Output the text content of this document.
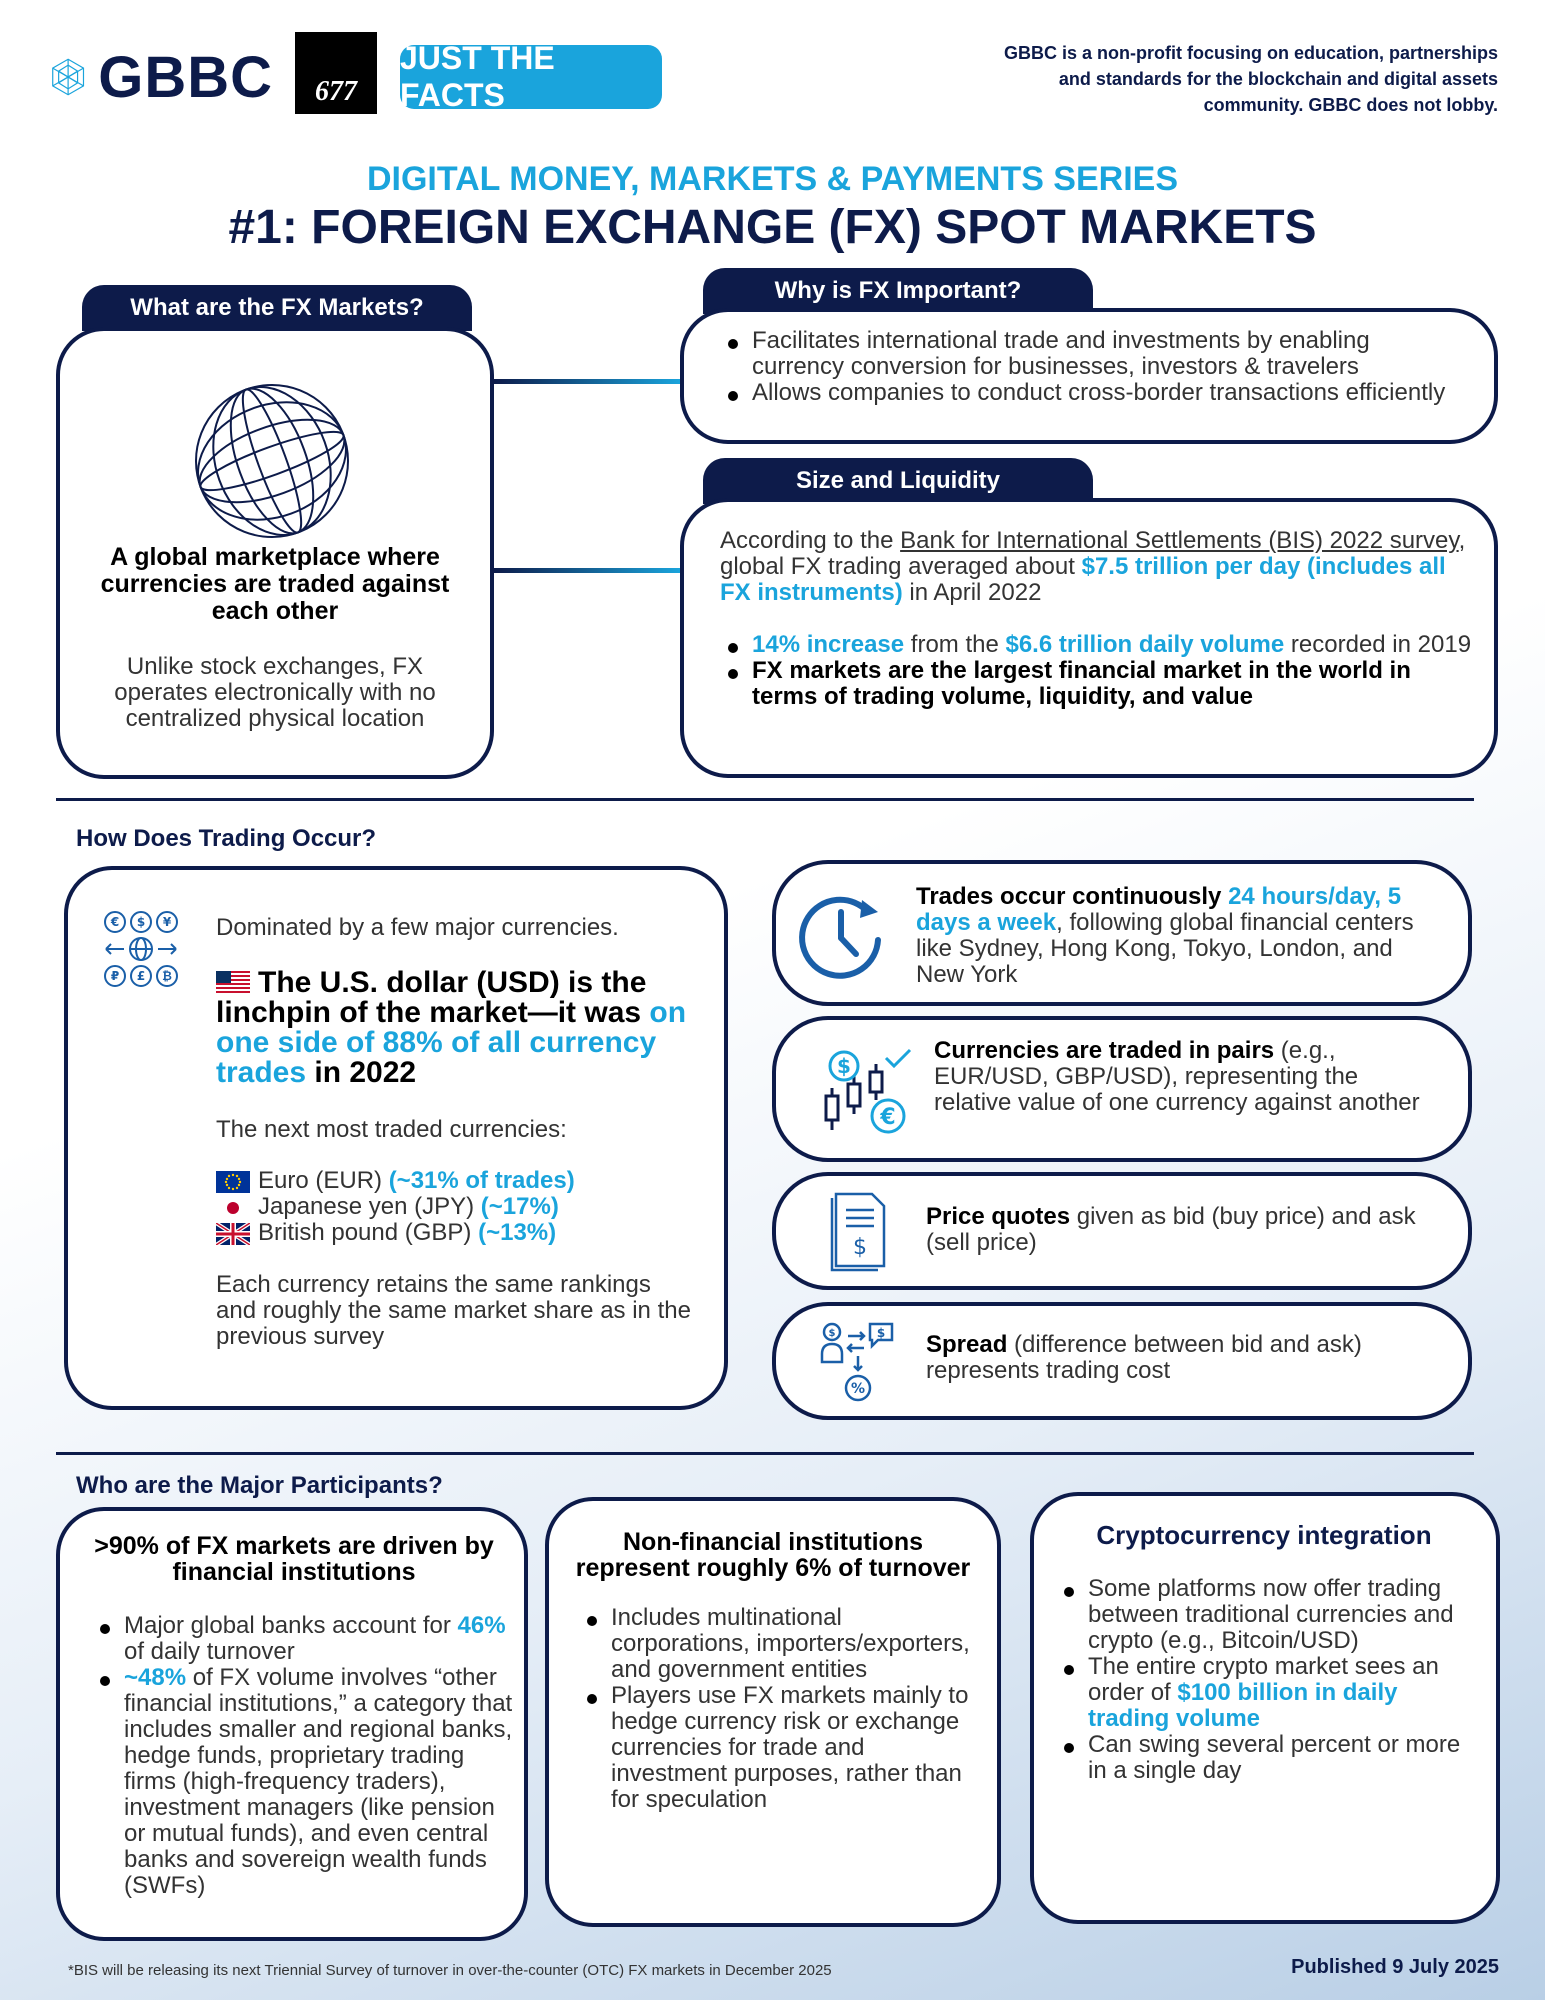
GBBC	677
JUST THE FACTS
GBBC is a non-profit focusing on education, partnerships and standards for the blockchain and digital assets community. GBBC does not lobby.
DIGITAL MONEY, MARKETS & PAYMENTS SERIES
#1: FOREIGN EXCHANGE (FX) SPOT MARKETS
What are the FX Markets?
A global marketplace where currencies are traded against each other
Unlike stock exchanges, FX operates electronically with no centralized physical location
Why is FX Important?
Facilitates international trade and investments by enabling currency conversion for businesses, investors & travelers
Allows companies to conduct cross-border transactions efficiently
Size and Liquidity
According to the Bank for International Settlements (BIS) 2022 survey, global FX trading averaged about $7.5 trillion per day (includes all FX instruments) in April 2022
14% increase from the $6.6 trillion daily volume recorded in 2019
FX markets are the largest financial market in the world in terms of trading volume, liquidity, and value
How Does Trading Occur?
€ $ ¥
₽ £ ₿
Dominated by a few major currencies.
The U.S. dollar (USD) is the linchpin of the market—it was on one side of 88% of all currency trades in 2022
The next most traded currencies:
Euro (EUR) (~31% of trades)
Japanese yen (JPY) (~17%)
British pound (GBP) (~13%)
Each currency retains the same rankings and roughly the same market share as in the previous survey
Trades occur continuously 24 hours/day, 5 days a week, following global financial centers like Sydney, Hong Kong, Tokyo, London, and New York
$
€
Currencies are traded in pairs (e.g., EUR/USD, GBP/USD), representing the relative value of one currency against another
$
Price quotes given as bid (buy price) and ask (sell price)
$	$
%
Spread (difference between bid and ask) represents trading cost
Who are the Major Participants?
>90% of FX markets are driven by financial institutions
Major global banks account for 46% of daily turnover
~48% of FX volume involves “other financial institutions,” a category that includes smaller and regional banks, hedge funds, proprietary trading firms (high-frequency traders), investment managers (like pension or mutual funds), and even central banks and sovereign wealth funds (SWFs)
Non-financial institutions represent roughly 6% of turnover
Includes multinational corporations, importers/exporters, and government entities
Players use FX markets mainly to hedge currency risk or exchange currencies for trade and investment purposes, rather than for speculation
Cryptocurrency integration
Some platforms now offer trading between traditional currencies and crypto (e.g., Bitcoin/USD)
The entire crypto market sees an order of $100 billion in daily trading volume
Can swing several percent or more in a single day
*BIS will be releasing its next Triennial Survey of turnover in over-the-counter (OTC) FX markets in December 2025	Published 9 July 2025
